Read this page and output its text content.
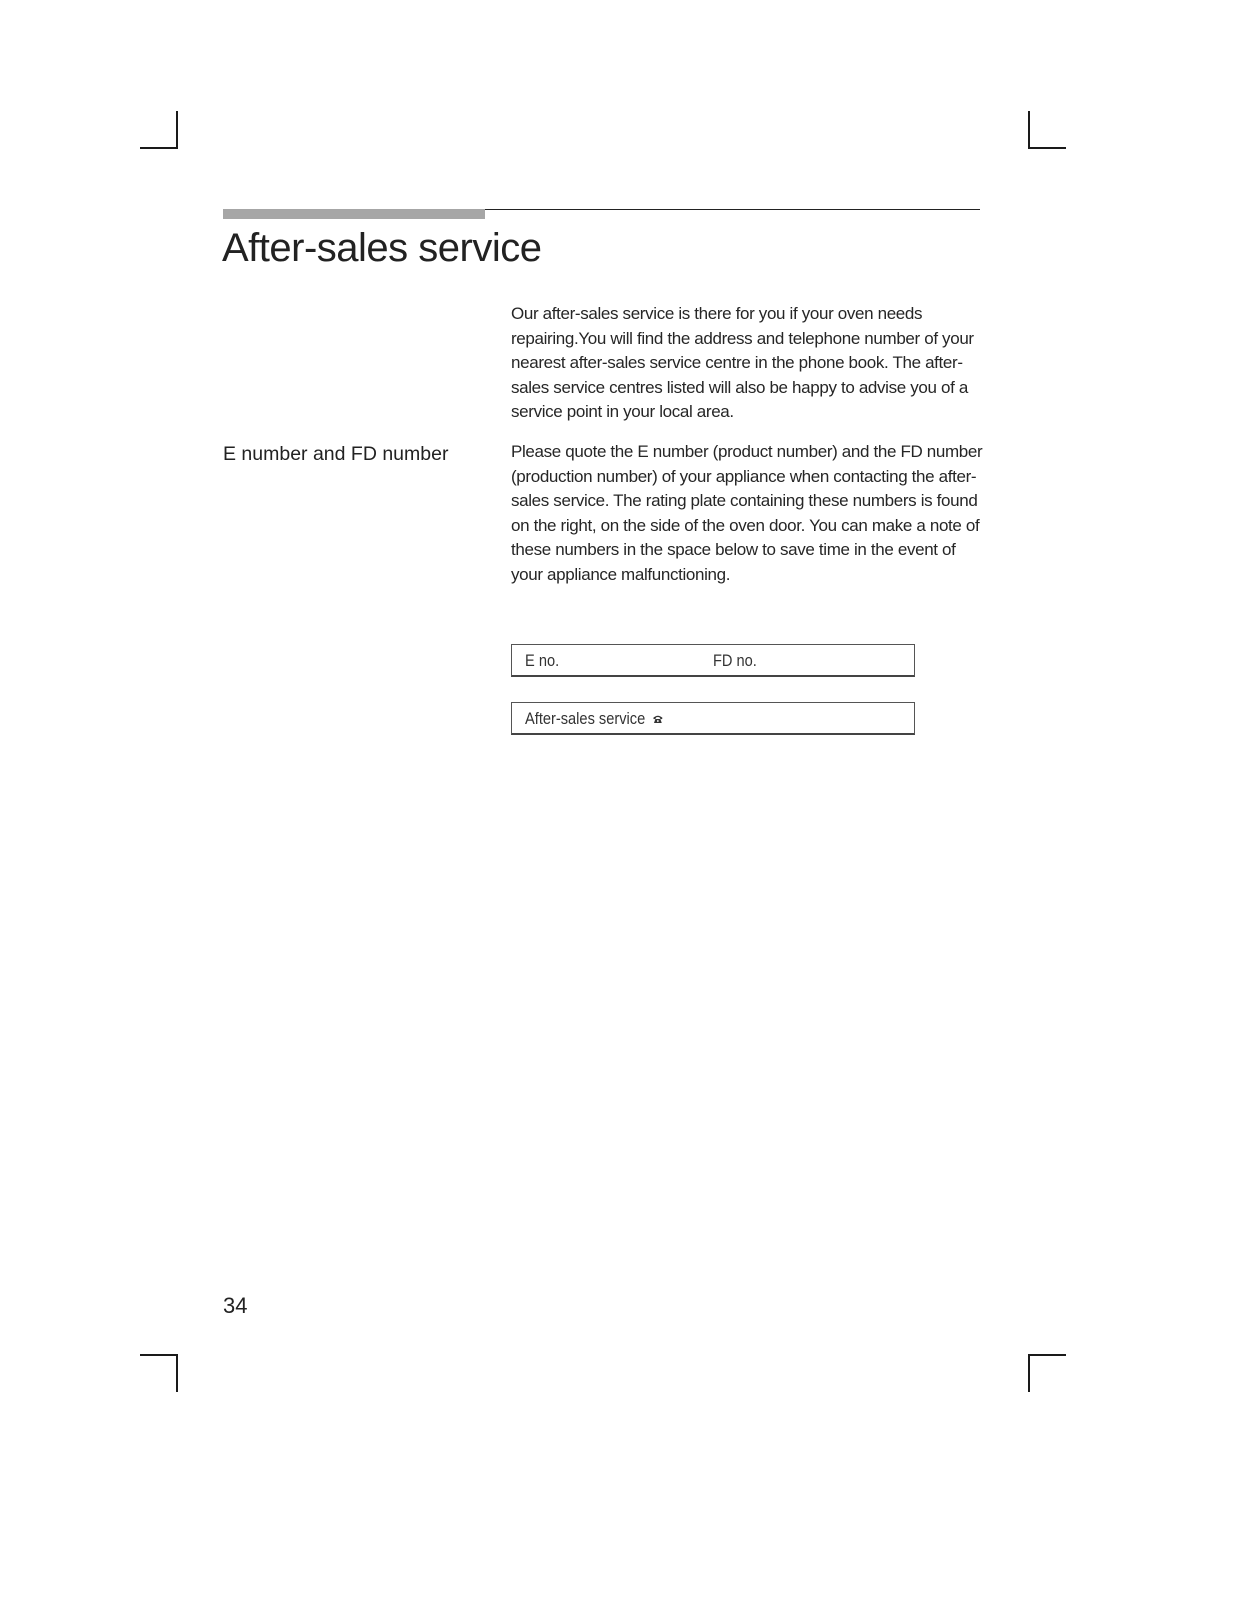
After-sales service

Our after-sales service is there for you if your oven needs repairing.You will find the address and telephone number of your nearest after-sales service centre in the phone book. The after-sales service centres listed will also be happy to advise you of a service point in your local area.

E number and FD number	Please quote the E number (product number) and the FD number (production number) of your appliance when contacting the after-sales service. The rating plate containing these numbers is found on the right, on the side of the oven door. You can make a note of these numbers in the space below to save time in the event of your appliance malfunctioning.

E no.	FD no.
After-sales service
34
